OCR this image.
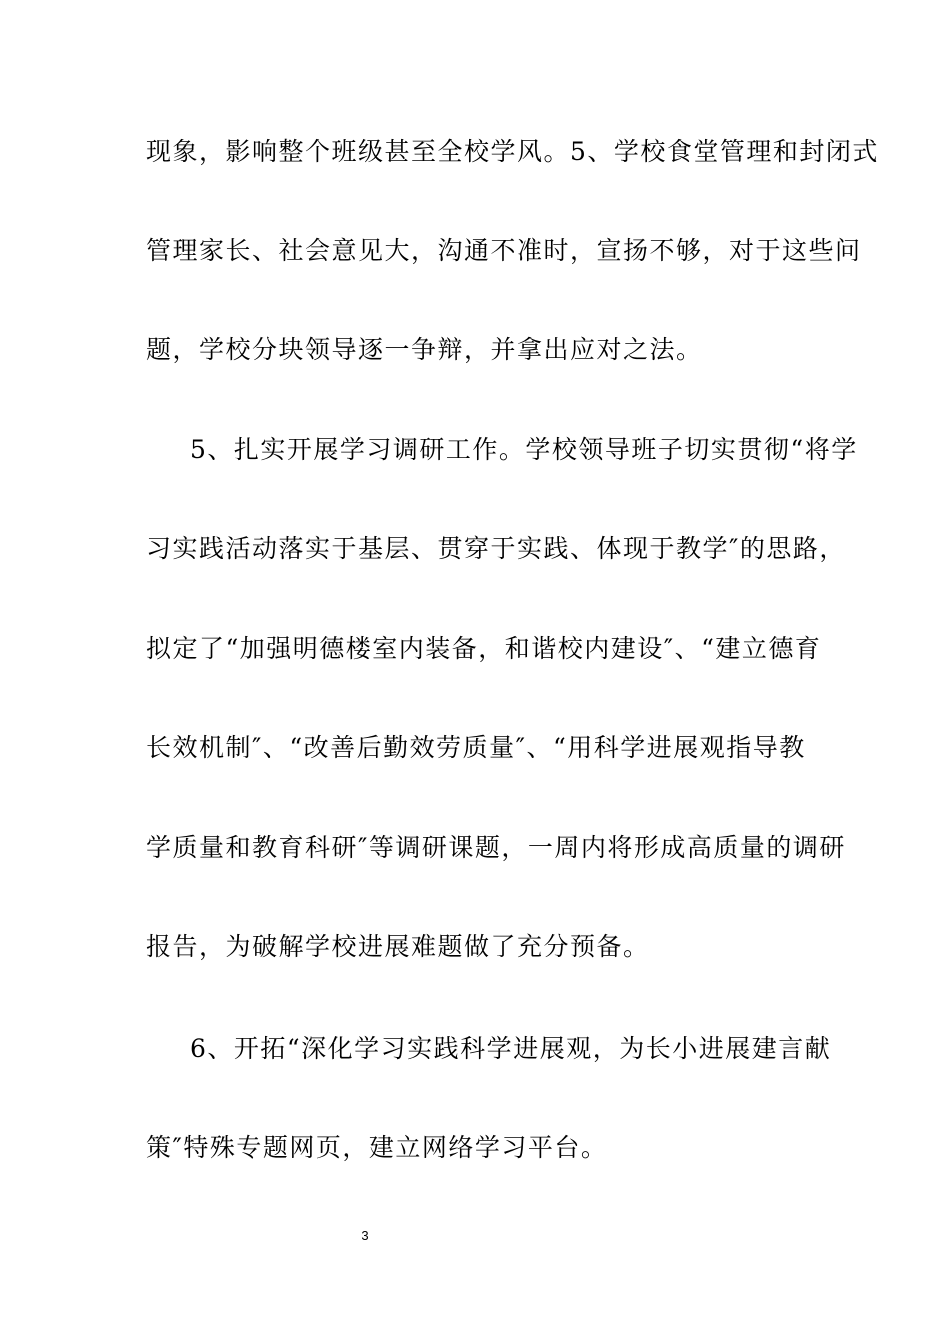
现象，影响整个班级甚至全校学风。5、学校食堂管理和封闭式
管理家长、社会意见大，沟通不准时，宣扬不够，对于这些问
题，学校分块领导逐一争辩，并拿出应对之法。
5、扎实开展学习调研工作。学校领导班子切实贯彻“将学
习实践活动落实于基层、贯穿于实践、体现于教学″的思路，
拟定了“加强明德楼室内装备，和谐校内建设″、“建立德育
长效机制″、“改善后勤效劳质量″、“用科学进展观指导教
学质量和教育科研″等调研课题，一周内将形成高质量的调研
报告，为破解学校进展难题做了充分预备。
6、开拓“深化学习实践科学进展观，为长小进展建言献
策″特殊专题网页，建立网络学习平台。
3
